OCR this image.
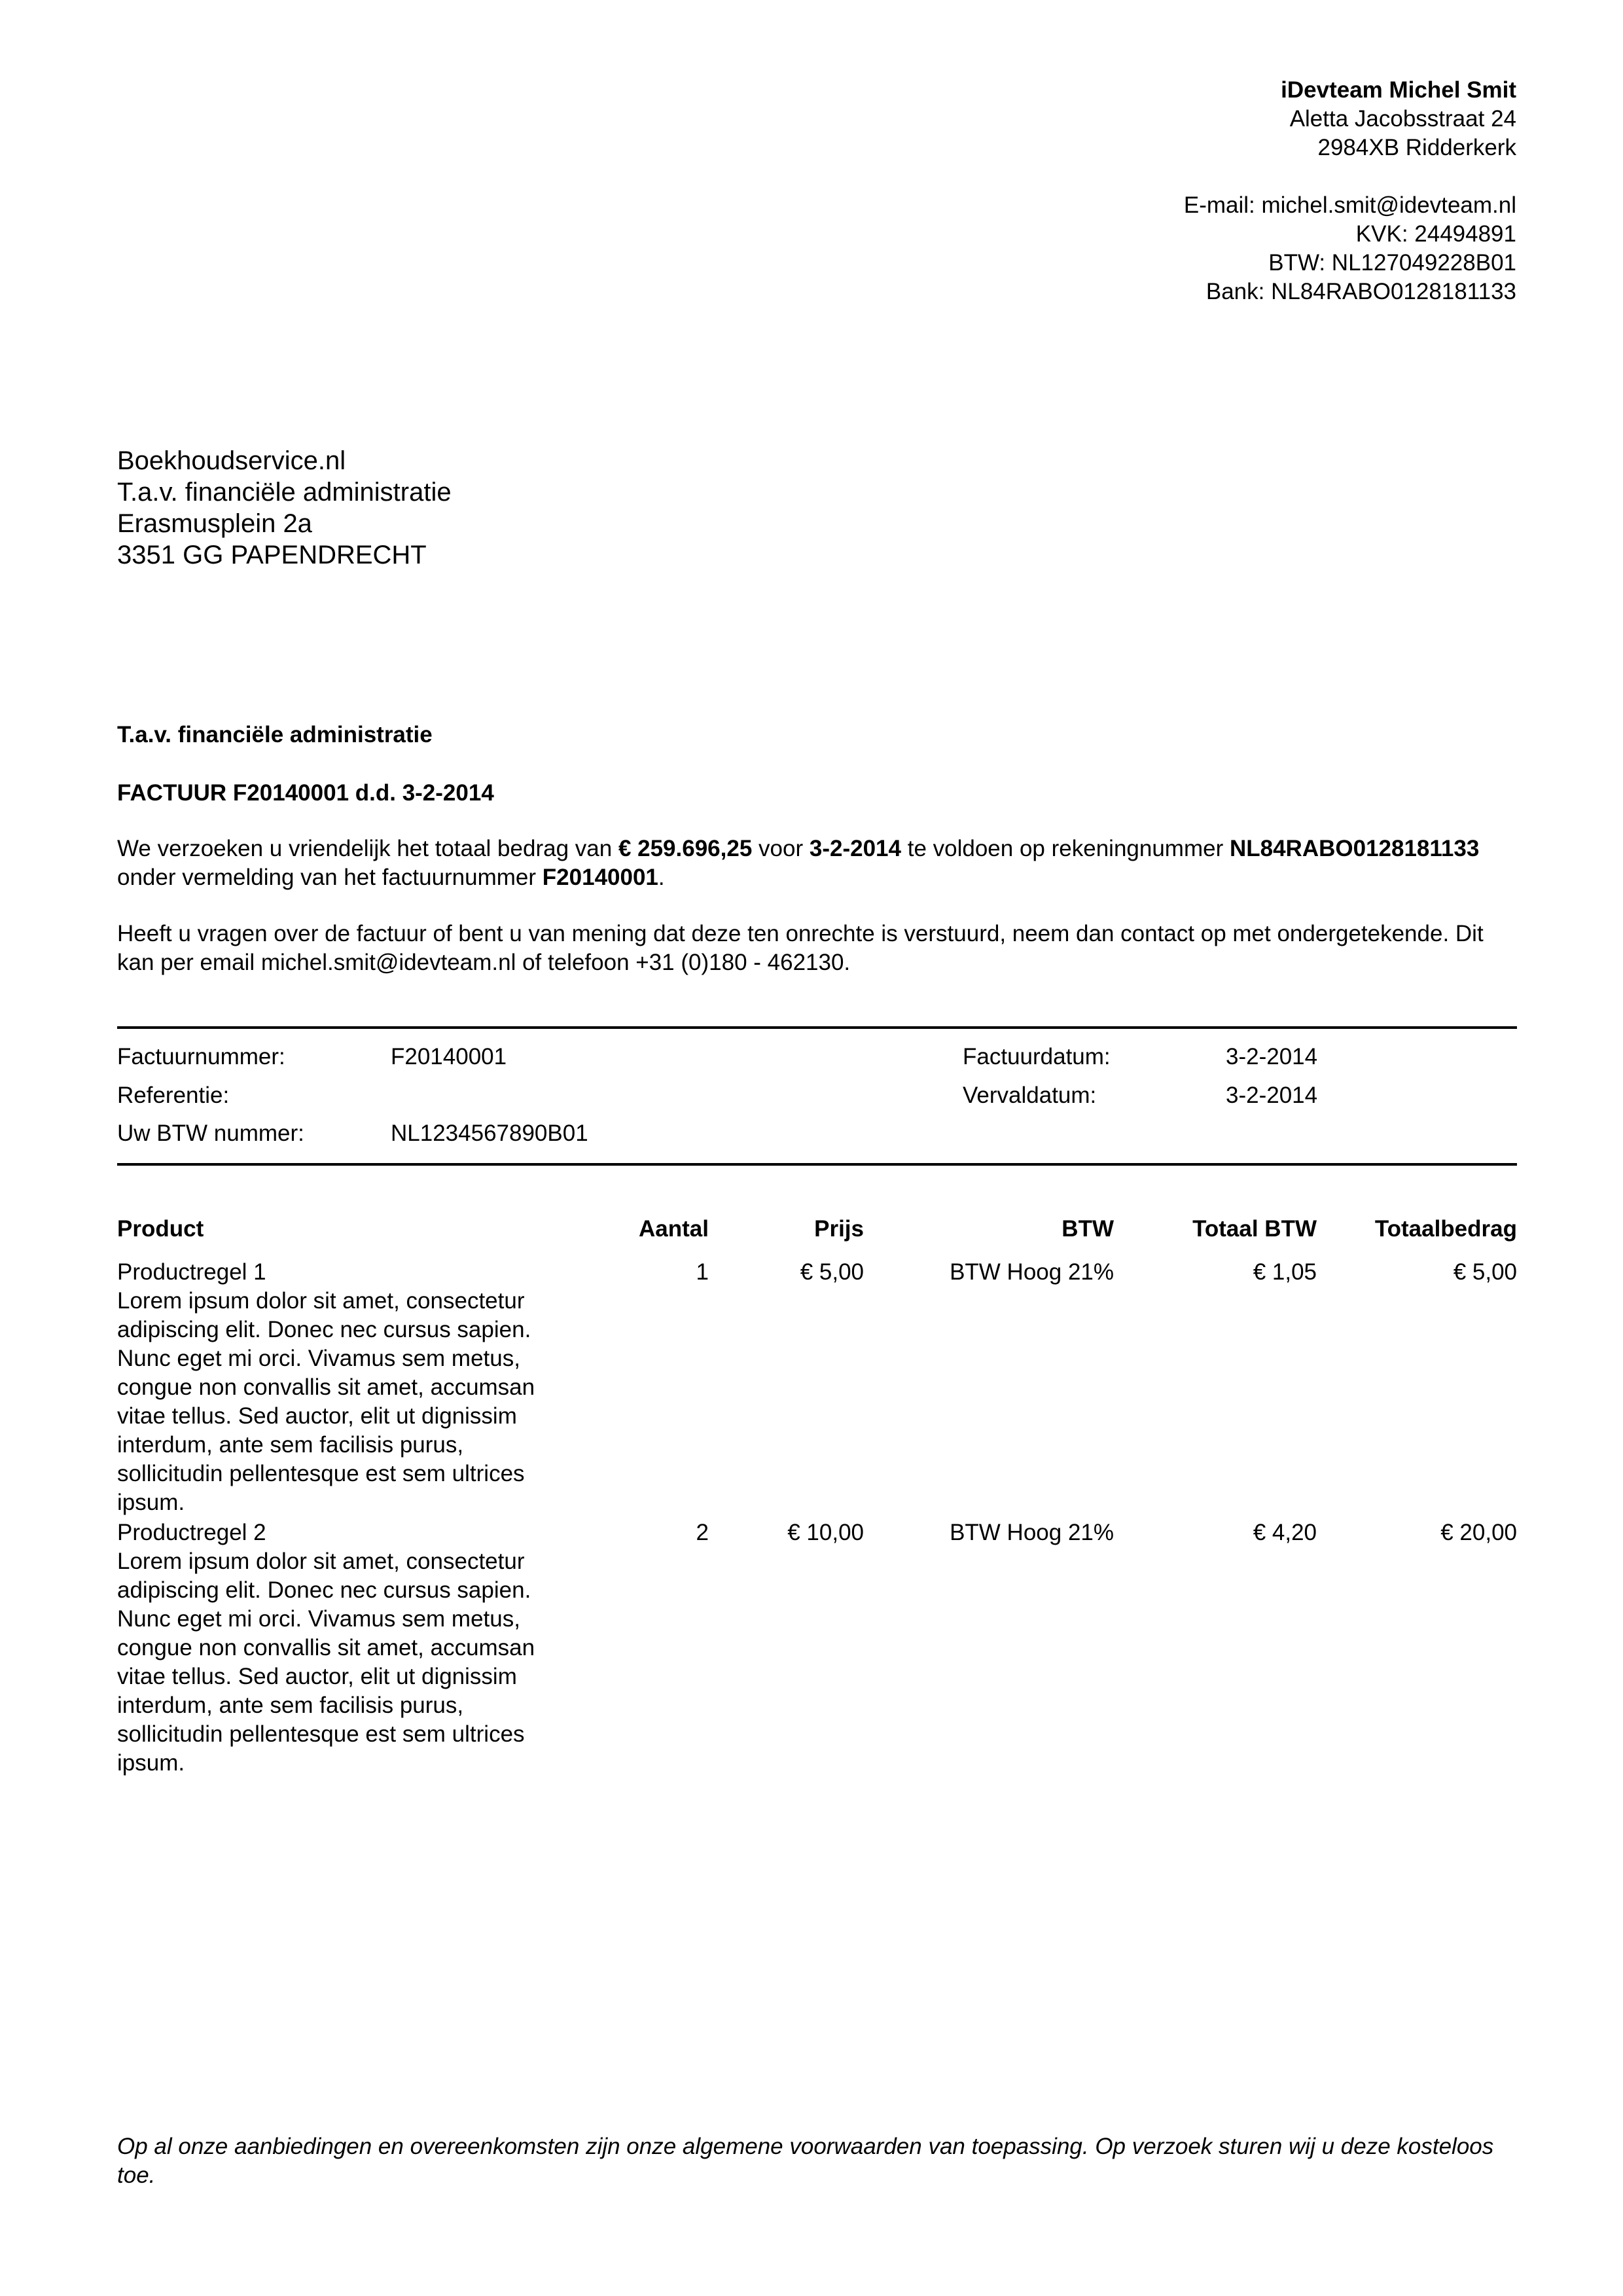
iDevteam Michel Smit
Aletta Jacobsstraat 24
2984XB Ridderkerk
E-mail: michel.smit@idevteam.nl
KVK: 24494891
BTW: NL127049228B01
Bank: NL84RABO0128181133
Boekhoudservice.nl
T.a.v. financiële administratie
Erasmusplein 2a
3351 GG PAPENDRECHT
T.a.v. financiële administratie
FACTUUR F20140001 d.d. 3-2-2014
We verzoeken u vriendelijk het totaal bedrag van € 259.696,25 voor 3-2-2014 te voldoen op rekeningnummer NL84RABO0128181133 onder vermelding van het factuurnummer F20140001.
Heeft u vragen over de factuur of bent u van mening dat deze ten onrechte is verstuurd, neem dan contact op met ondergetekende. Dit kan per email michel.smit@idevteam.nl of telefoon +31 (0)180 - 462130.
Factuurnummer:	F20140001
Referentie:
Uw BTW nummer:	NL1234567890B01
Factuurdatum:	3-2-2014
Vervaldatum:	3-2-2014
Product	Aantal	Prijs	BTW	Totaal BTW	Totaalbedrag
Productregel 1
Lorem ipsum dolor sit amet, consectetur adipiscing elit. Donec nec cursus sapien. Nunc eget mi orci. Vivamus sem metus, congue non convallis sit amet, accumsan vitae tellus. Sed auctor, elit ut dignissim interdum, ante sem facilisis purus, sollicitudin pellentesque est sem ultrices ipsum.
1	€ 5,00	BTW Hoog 21%	€ 1,05	€ 5,00
Productregel 2
Lorem ipsum dolor sit amet, consectetur adipiscing elit. Donec nec cursus sapien. Nunc eget mi orci. Vivamus sem metus, congue non convallis sit amet, accumsan vitae tellus. Sed auctor, elit ut dignissim interdum, ante sem facilisis purus, sollicitudin pellentesque est sem ultrices ipsum.
2	€ 10,00	BTW Hoog 21%	€ 4,20	€ 20,00
Op al onze aanbiedingen en overeenkomsten zijn onze algemene voorwaarden van toepassing. Op verzoek sturen wij u deze kosteloos toe.
